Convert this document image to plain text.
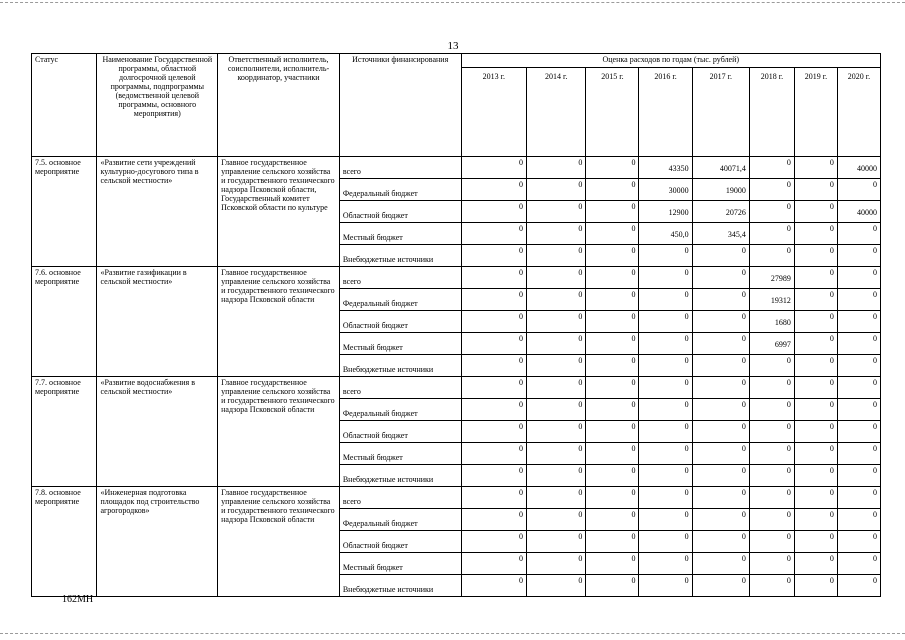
13
Статус	Наименование Государственной программы, областной долгосрочной целевой программы, подпрограммы (ведомственной целевой программы, основного мероприятия)	Ответственный исполнитель, соисполнители, исполнитель-координатор, участники	Источники финансирования	Оценка расходов по годам (тыс. рублей)							
				2013 г.	2014 г.	2015 г.	2016 г.	2017 г.	2018 г.	2019 г.	2020 г.
7.5. основное мероприятие	«Развитие сети учреждений культурно-досугового типа в сельской местности»	Главное государственное управление сельского хозяйства и государственного технического надзора Псковской области, Государственный комитет Псковской области по культуре	всего	0	0	0	43350	40071,4	0	0	40000

			Федеральный бюджет	0	0	0	30000	19000	0	0	0

			Областной бюджет	0	0	0	12900	20726	0	0	40000

			Местный бюджет	0	0	0	450,0	345,4	0	0	0

			Внебюджетные источники	0	0	0	0	0	0	0	0

7.6. основное мероприятие	«Развитие газификации в сельской местности»	Главное государственное управление сельского хозяйства и государственного технического надзора Псковской области	всего	0	0	0	0	0	27989	0	0

			Федеральный бюджет	0	0	0	0	0	19312	0	0

			Областной бюджет	0	0	0	0	0	1680	0	0

			Местный бюджет	0	0	0	0	0	6997	0	0

			Внебюджетные источники	0	0	0	0	0	0	0	0

7.7. основное мероприятие	«Развитие водоснабжения в сельской местности»	Главное государственное управление сельского хозяйства и государственного технического надзора Псковской области	всего	0	0	0	0	0	0	0	0

			Федеральный бюджет	0	0	0	0	0	0	0	0

			Областной бюджет	0	0	0	0	0	0	0	0

			Местный бюджет	0	0	0	0	0	0	0	0

			Внебюджетные источники	0	0	0	0	0	0	0	0

7.8. основное мероприятие	«Инженерная подготовка площадок под строительство агрогородков»	Главное государственное управление сельского хозяйства и государственного технического надзора Псковской области	всего	0	0	0	0	0	0	0	0

			Федеральный бюджет	0	0	0	0	0	0	0	0

			Областной бюджет	0	0	0	0	0	0	0	0

			Местный бюджет	0	0	0	0	0	0	0	0

			Внебюджетные источники	0	0	0	0	0	0	0	0
162МН
